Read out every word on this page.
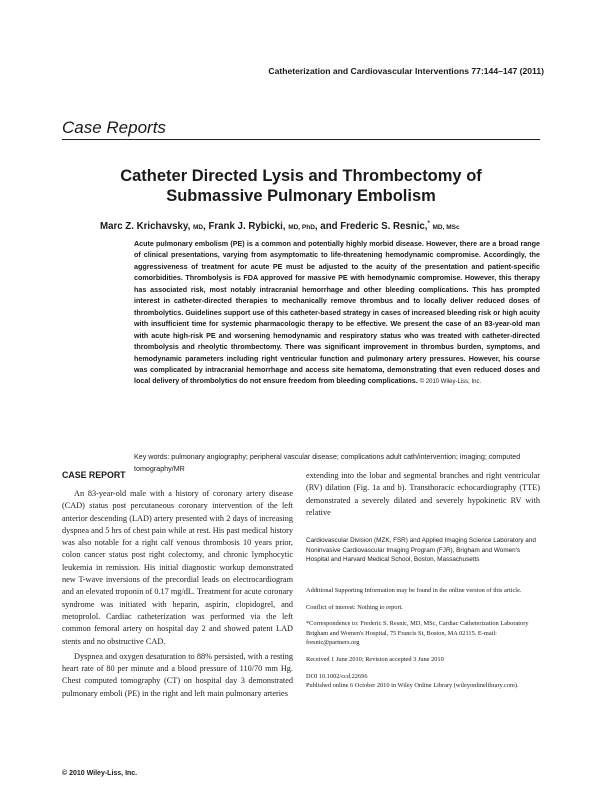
Catheterization and Cardiovascular Interventions 77:144–147 (2011)
Case Reports
Catheter Directed Lysis and Thrombectomy of
Submassive Pulmonary Embolism
Marc Z. Krichavsky, MD, Frank J. Rybicki, MD, PhD, and Frederic S. Resnic,* MD, MSc
Acute pulmonary embolism (PE) is a common and potentially highly morbid disease. However, there are a broad range of clinical presentations, varying from asymptomatic to life-threatening hemodynamic compromise. Accordingly, the aggressiveness of treatment for acute PE must be adjusted to the acuity of the presentation and patient-specific comorbidities. Thrombolysis is FDA approved for massive PE with hemodynamic compromise. However, this therapy has associated risk, most notably intracranial hemorrhage and other bleeding complications. This has prompted interest in catheter-directed therapies to mechanically remove thrombus and to locally deliver reduced doses of thrombolytics. Guidelines support use of this catheter-based strategy in cases of increased bleeding risk or high acuity with insufficient time for systemic pharmacologic therapy to be effective. We present the case of an 83-year-old man with acute high-risk PE and worsening hemodynamic and respiratory status who was treated with catheter-directed thrombolysis and rheolytic thrombectomy. There was significant improvement in thrombus burden, symptoms, and hemodynamic parameters including right ventricular function and pulmonary artery pressures. However, his course was complicated by intracranial hemorrhage and access site hematoma, demonstrating that even reduced doses and local delivery of thrombolytics do not ensure freedom from bleeding complications. © 2010 Wiley-Liss, Inc.
Key words: pulmonary angiography; peripheral vascular disease; complications adult cath/intervention; imaging; computed tomography/MR
CASE REPORT

An 83-year-old male with a history of coronary artery disease (CAD) status post percutaneous coronary intervention of the left anterior descending (LAD) artery presented with 2 days of increasing dyspnea and 5 hrs of chest pain while at rest. His past medical history was also notable for a right calf venous thrombosis 10 years prior, colon cancer status post right colectomy, and chronic lymphocytic leukemia in remission. His initial diagnostic workup demonstrated new T-wave inversions of the precordial leads on electrocardiogram and an elevated troponin of 0.17 mg/dL. Treatment for acute coronary syndrome was initiated with heparin, aspirin, clopidogrel, and metoprolol. Cardiac catheterization was performed via the left common femoral artery on hospital day 2 and showed patent LAD stents and no obstructive CAD.

Dyspnea and oxygen desaturation to 88% persisted, with a resting heart rate of 80 per minute and a blood pressure of 110/70 mm Hg. Chest computed tomography (CT) on hospital day 3 demonstrated pulmonary emboli (PE) in the right and left main pulmonary arteries

extending into the lobar and segmental branches and right ventricular (RV) dilation (Fig. 1a and b). Transthoracic echocardiography (TTE) demonstrated a severely dilated and severely hypokinetic RV with relative
Cardiovascular Division (MZK, FSR) and Applied Imaging Science Laboratory and Noninvasive Cardiovascular Imaging Program (FJR), Brigham and Women's Hospital and Harvard Medical School, Boston, Massachusetts

Additional Supporting Information may be found in the online version of this article.

Conflict of interest: Nothing to report.

*Correspondence to: Frederic S. Resnic, MD, MSc, Cardiac Catheterization Laboratory Brigham and Women's Hospital, 75 Francis St, Boston, MA 02115. E-mail: fresnic@partners.org

Received 1 June 2010; Revision accepted 3 June 2010

DOI 10.1002/ccd.22696
Published online 6 October 2010 in Wiley Online Library (wileyonlinelibrary.com).

© 2010 Wiley-Liss, Inc.
